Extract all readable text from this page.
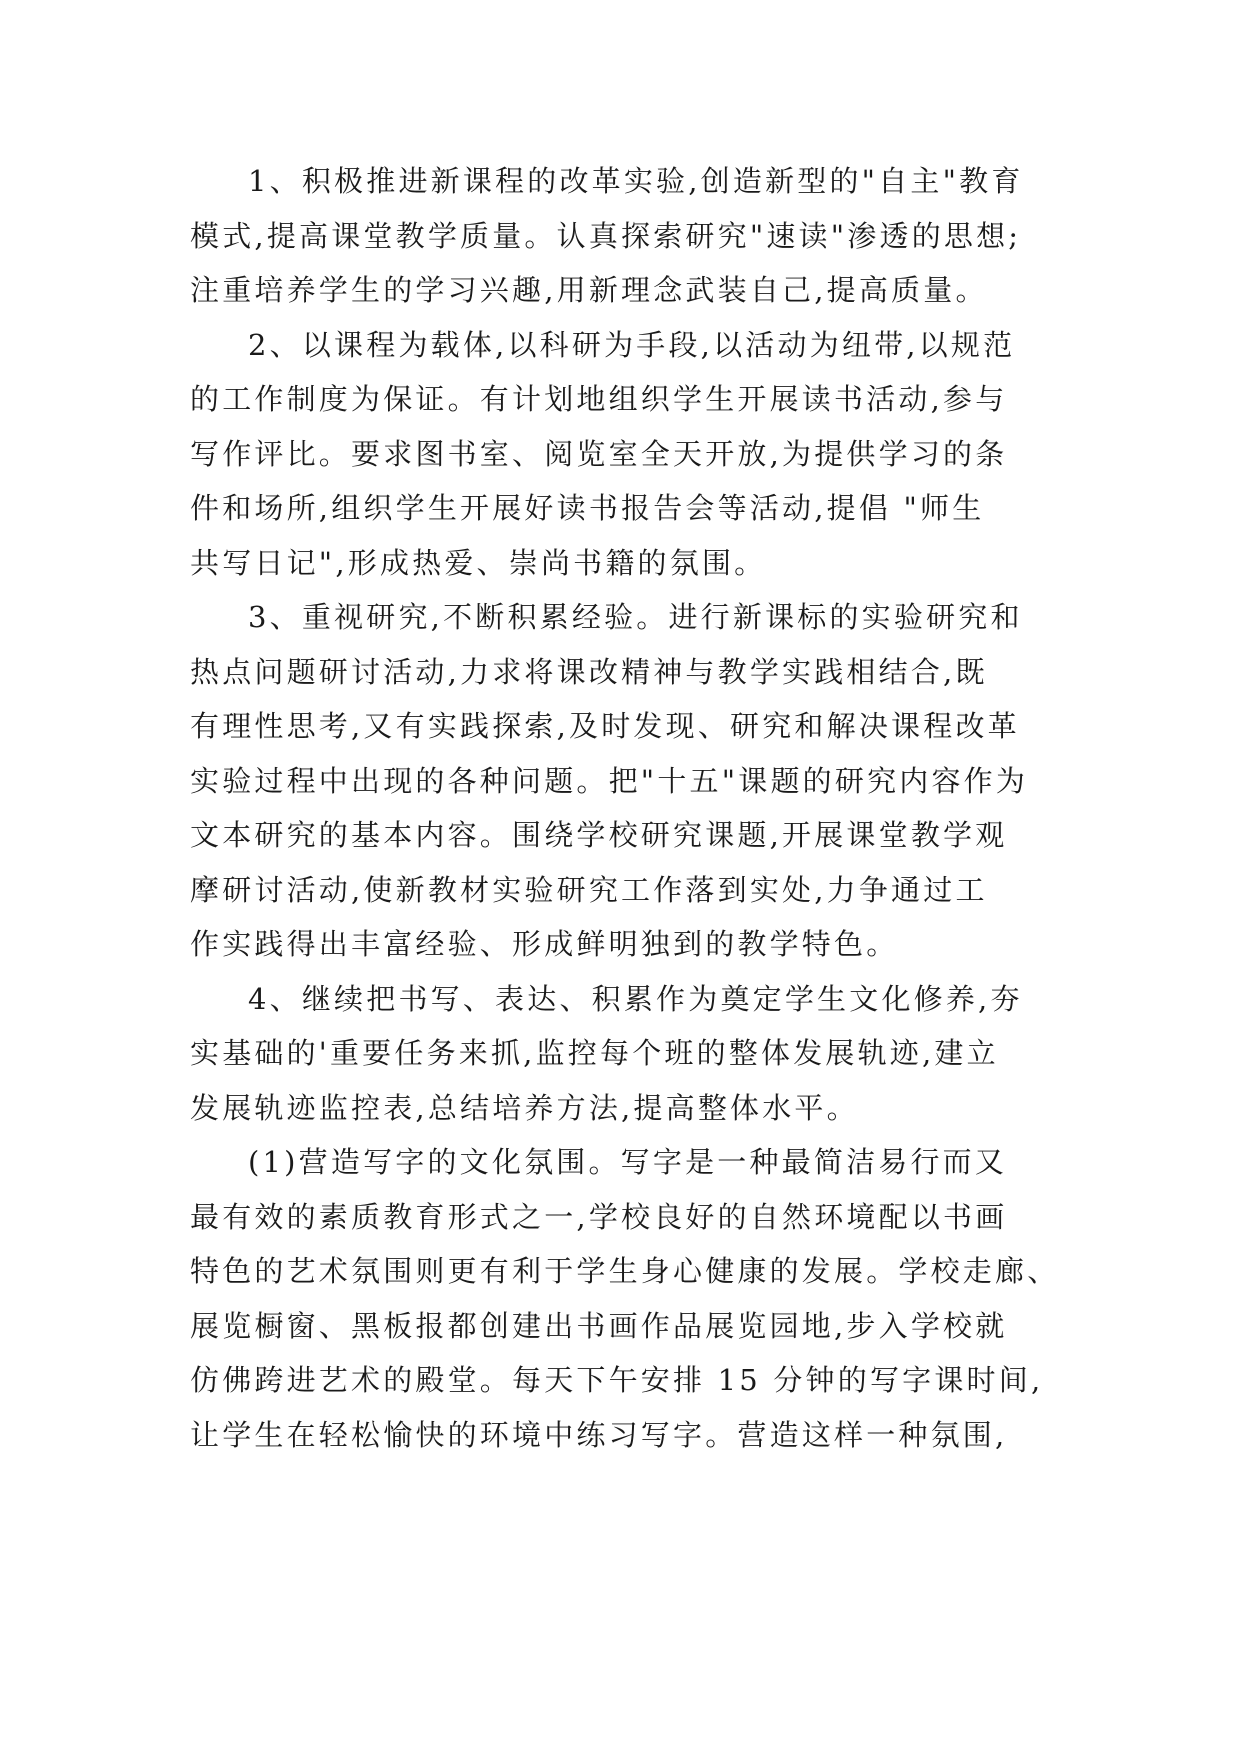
1、积极推进新课程的改革实验,创造新型的"自主"教育
模式,提高课堂教学质量。认真探索研究"速读"渗透的思想;
注重培养学生的学习兴趣,用新理念武装自己,提高质量。
2、以课程为载体,以科研为手段,以活动为纽带,以规范
的工作制度为保证。有计划地组织学生开展读书活动,参与
写作评比。要求图书室、阅览室全天开放,为提供学习的条
件和场所,组织学生开展好读书报告会等活动,提倡 "师生
共写日记",形成热爱、崇尚书籍的氛围。
3、重视研究,不断积累经验。进行新课标的实验研究和
热点问题研讨活动,力求将课改精神与教学实践相结合,既
有理性思考,又有实践探索,及时发现、研究和解决课程改革
实验过程中出现的各种问题。把"十五"课题的研究内容作为
文本研究的基本内容。围绕学校研究课题,开展课堂教学观
摩研讨活动,使新教材实验研究工作落到实处,力争通过工
作实践得出丰富经验、形成鲜明独到的教学特色。
4、继续把书写、表达、积累作为奠定学生文化修养,夯
实基础的'重要任务来抓,监控每个班的整体发展轨迹,建立
发展轨迹监控表,总结培养方法,提高整体水平。
(1)营造写字的文化氛围。写字是一种最简洁易行而又
最有效的素质教育形式之一,学校良好的自然环境配以书画
特色的艺术氛围则更有利于学生身心健康的发展。学校走廊、
展览橱窗、黑板报都创建出书画作品展览园地,步入学校就
仿佛跨进艺术的殿堂。每天下午安排 15 分钟的写字课时间,
让学生在轻松愉快的环境中练习写字。营造这样一种氛围,
